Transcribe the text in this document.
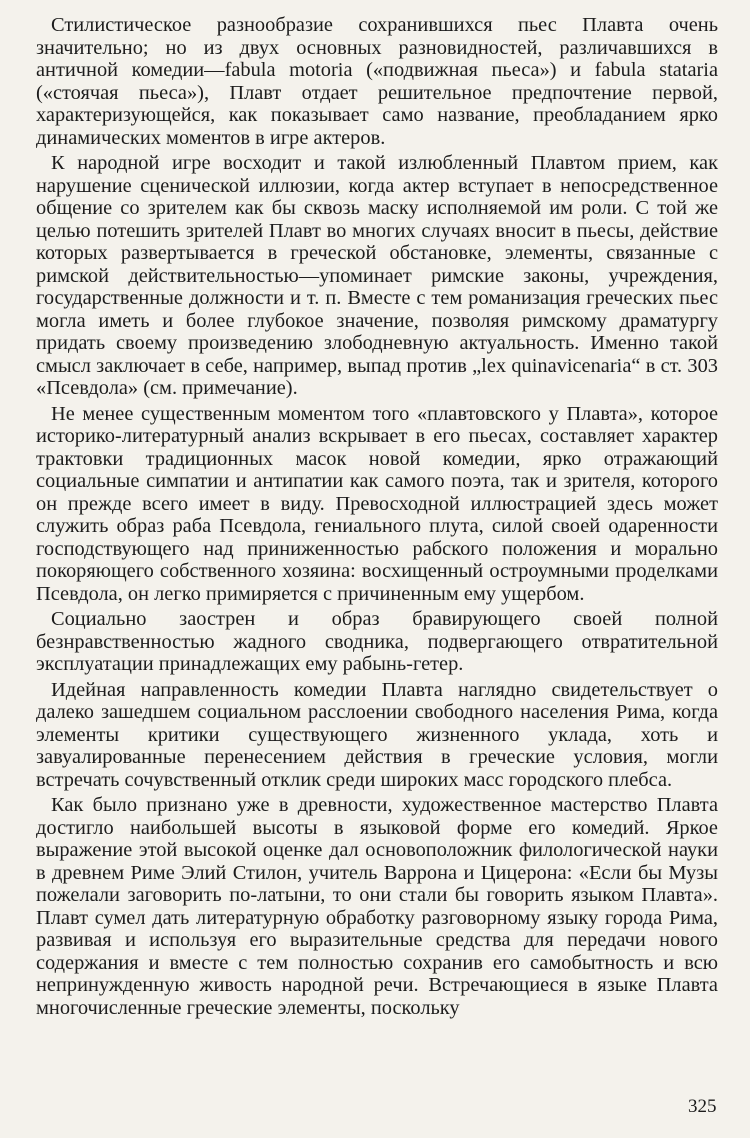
Стилистическое разнообразие сохранившихся пьес Плавта очень значительно; но из двух основных разновидностей, различавшихся в античной комедии—fabula motoria («подвижная пьеса») и fabula stataria («стоячая пьеса»), Плавт отдает решительное предпочтение первой, характеризующейся, как показывает само название, преобладанием ярко динамических моментов в игре актеров.

К народной игре восходит и такой излюбленный Плавтом прием, как нарушение сценической иллюзии, когда актер вступает в непосредственное общение со зрителем как бы сквозь маску исполняемой им роли. С той же целью потешить зрителей Плавт во многих случаях вносит в пьесы, действие которых развертывается в греческой обстановке, элементы, связанные с римской действительностью—упоминает римские законы, учреждения, государственные должности и т. п. Вместе с тем романизация греческих пьес могла иметь и более глубокое значение, позволяя римскому драматургу придать своему произведению злободневную актуальность. Именно такой смысл заключает в себе, например, выпад против „lex quinavicenaria“ в ст. 303 «Псевдола» (см. примечание).

Не менее существенным моментом того «плавтовского у Плавта», которое историко-литературный анализ вскрывает в его пьесах, составляет характер трактовки традиционных масок новой комедии, ярко отражающий социальные симпатии и антипатии как самого поэта, так и зрителя, которого он прежде всего имеет в виду. Превосходной иллюстрацией здесь может служить образ раба Псевдола, гениального плута, силой своей одаренности господствующего над приниженностью рабского положения и морально покоряющего собственного хозяина: восхищенный остроумными проделками Псевдола, он легко примиряется с причиненным ему ущербом.

Социально заострен и образ бравирующего своей полной безнравственностью жадного сводника, подвергающего отвратительной эксплуатации принадлежащих ему рабынь-гетер.

Идейная направленность комедии Плавта наглядно свидетельствует о далеко зашедшем социальном расслоении свободного населения Рима, когда элементы критики существующего жизненного уклада, хоть и завуалированные перенесением действия в греческие условия, могли встречать сочувственный отклик среди широких масс городского плебса.

Как было признано уже в древности, художественное мастерство Плавта достигло наибольшей высоты в языковой форме его комедий. Яркое выражение этой высокой оценке дал основоположник филологической науки в древнем Риме Элий Стилон, учитель Варрона и Цицерона: «Если бы Музы пожелали заговорить по-латыни, то они стали бы говорить языком Плавта». Плавт сумел дать литературную обработку разговорному языку города Рима, развивая и используя его выразительные средства для передачи нового содержания и вместе с тем полностью сохранив его самобытность и всю непринужденную живость народной речи. Встречающиеся в языке Плавта многочисленные греческие элементы, поскольку

325
